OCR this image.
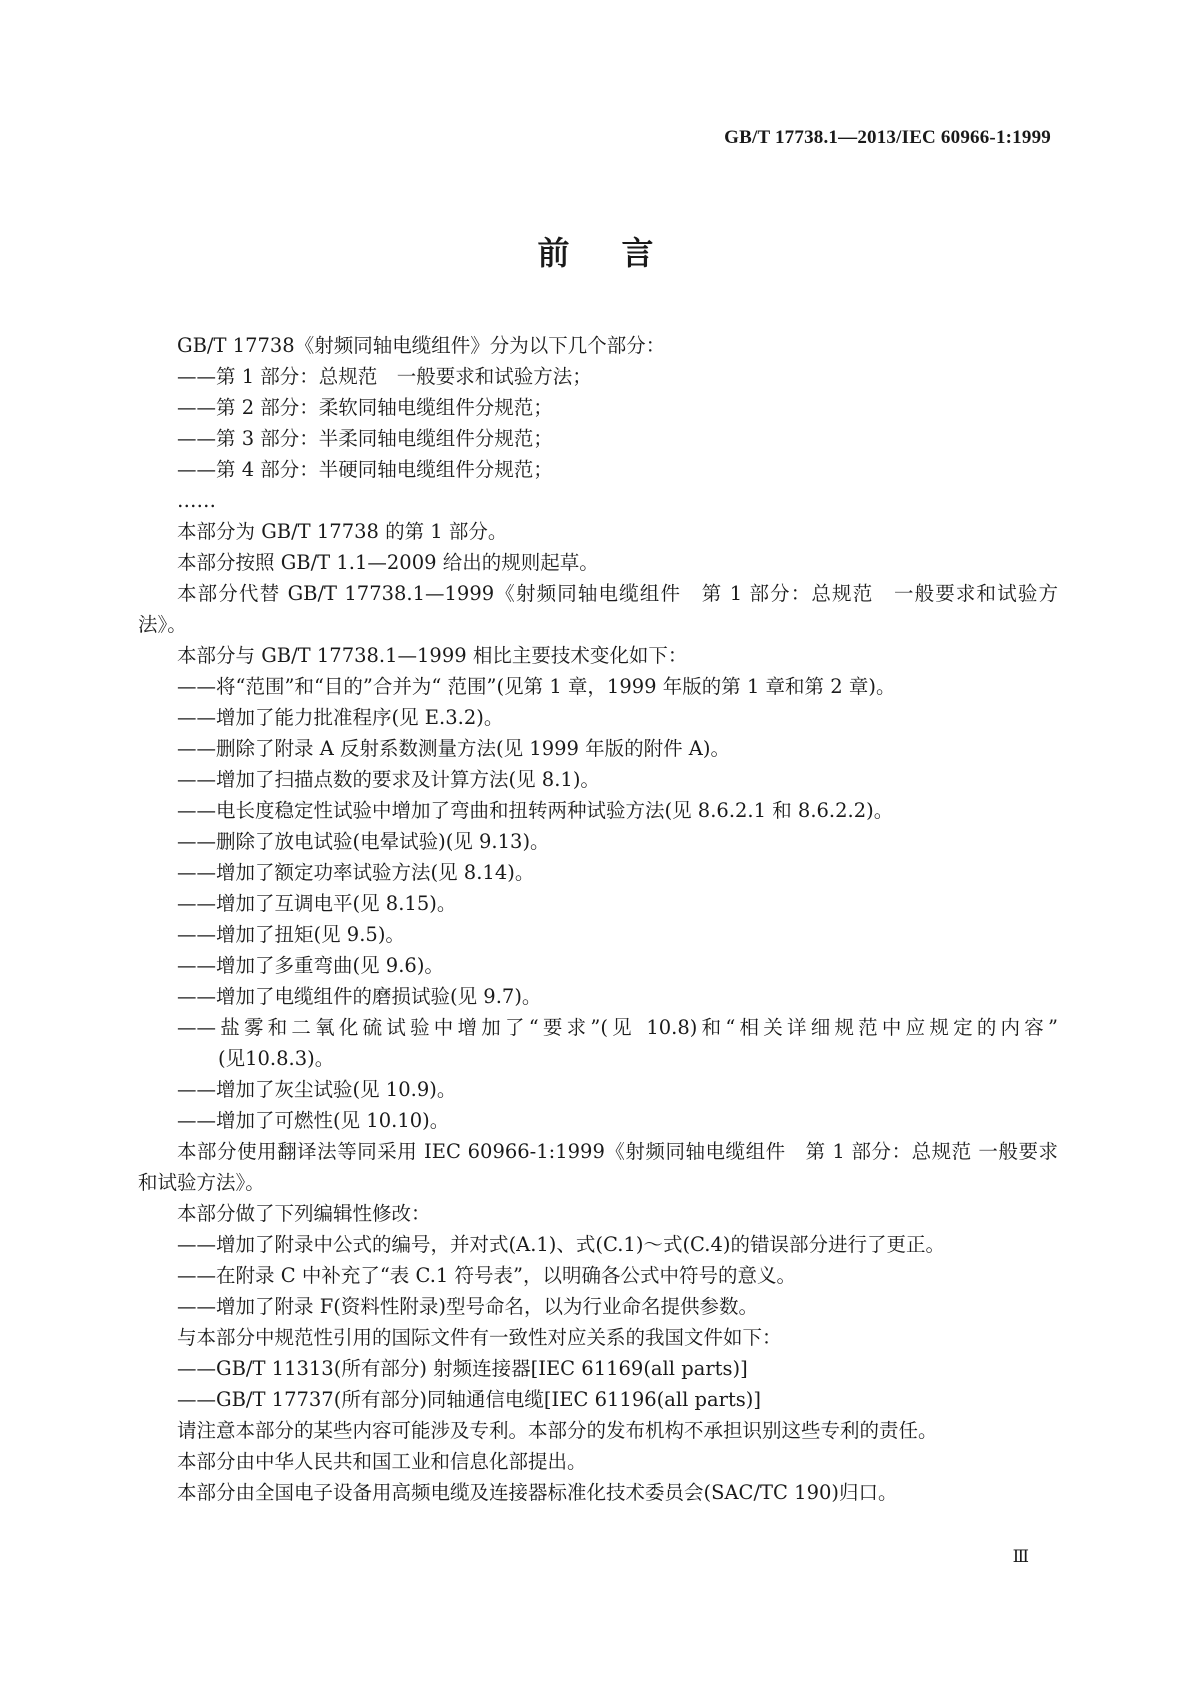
GB/T 17738.1—2013/IEC 60966-1:1999
前言
GB/T 17738《射频同轴电缆组件》分为以下几个部分：
——第 1 部分：总规范　一般要求和试验方法；
——第 2 部分：柔软同轴电缆组件分规范；
——第 3 部分：半柔同轴电缆组件分规范；
——第 4 部分：半硬同轴电缆组件分规范；
……
本部分为 GB/T 17738 的第 1 部分。
本部分按照 GB/T 1.1—2009 给出的规则起草。
本部分代替 GB/T 17738.1—1999《射频同轴电缆组件　第 1 部分：总规范　一般要求和试验方
法》。
本部分与 GB/T 17738.1—1999 相比主要技术变化如下：
——将“范围”和“目的”合并为“ 范围”(见第 1 章，1999 年版的第 1 章和第 2 章)。
——增加了能力批准程序(见 E.3.2)。
——删除了附录 A 反射系数测量方法(见 1999 年版的附件 A)。
——增加了扫描点数的要求及计算方法(见 8.1)。
——电长度稳定性试验中增加了弯曲和扭转两种试验方法(见 8.6.2.1 和 8.6.2.2)。
——删除了放电试验(电晕试验)(见 9.13)。
——增加了额定功率试验方法(见 8.14)。
——增加了互调电平(见 8.15)。
——增加了扭矩(见 9.5)。
——增加了多重弯曲(见 9.6)。
——增加了电缆组件的磨损试验(见 9.7)。
——盐雾和二氧化硫试验中增加了“要求”(见 10.8)和“相关详细规范中应规定的内容”
(见10.8.3)。
——增加了灰尘试验(见 10.9)。
——增加了可燃性(见 10.10)。
本部分使用翻译法等同采用 IEC 60966-1:1999《射频同轴电缆组件　第 1 部分：总规范 一般要求
和试验方法》。
本部分做了下列编辑性修改：
——增加了附录中公式的编号，并对式(A.1)、式(C.1)～式(C.4)的错误部分进行了更正。
——在附录 C 中补充了“表 C.1 符号表”，以明确各公式中符号的意义。
——增加了附录 F(资料性附录)型号命名，以为行业命名提供参数。
与本部分中规范性引用的国际文件有一致性对应关系的我国文件如下：
——GB/T 11313(所有部分) 射频连接器[IEC 61169(all parts)]
——GB/T 17737(所有部分)同轴通信电缆[IEC 61196(all parts)]
请注意本部分的某些内容可能涉及专利。本部分的发布机构不承担识别这些专利的责任。
本部分由中华人民共和国工业和信息化部提出。
本部分由全国电子设备用高频电缆及连接器标准化技术委员会(SAC/TC 190)归口。
Ⅲ
